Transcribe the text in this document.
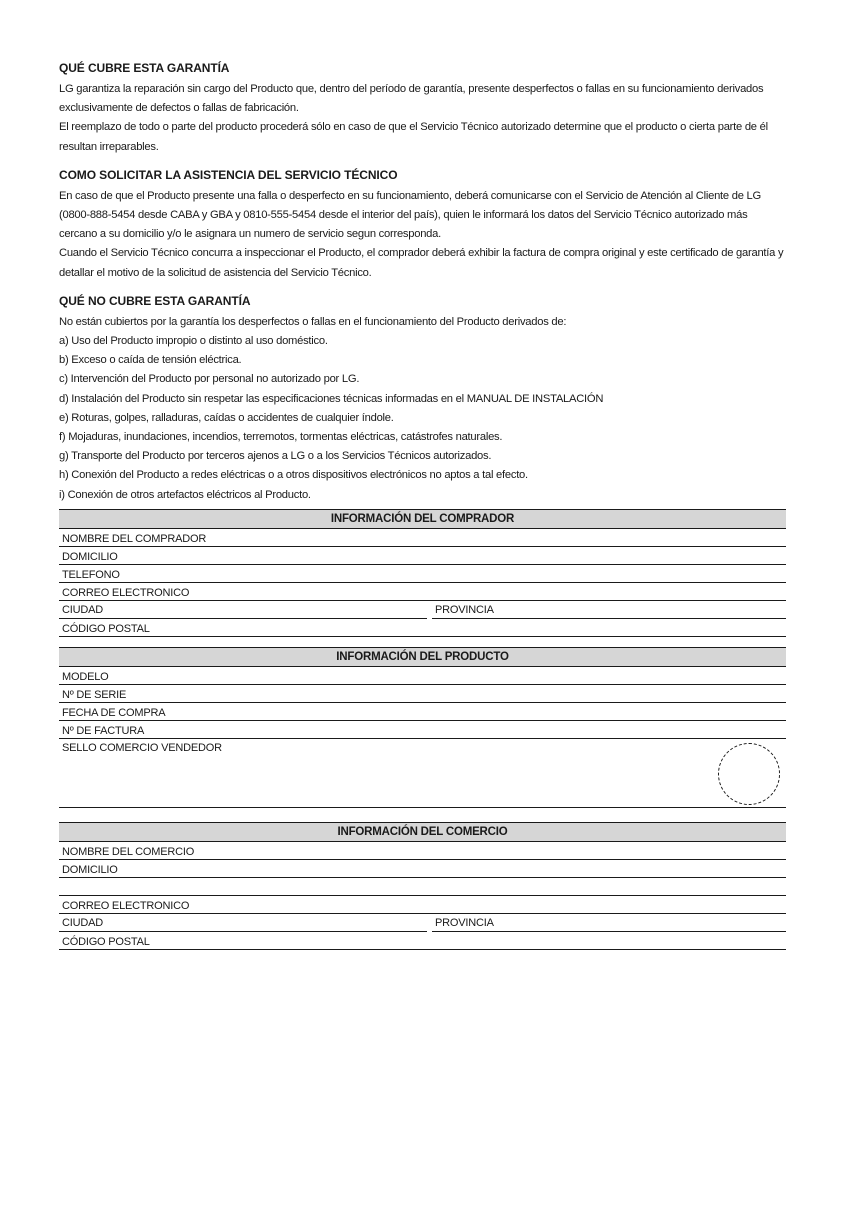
QUÉ CUBRE ESTA GARANTÍA

LG garantiza la reparación sin cargo del Producto que, dentro del período de garantía, presente desperfectos o fallas en su funcionamiento derivados exclusivamente de defectos o fallas de fabricación.

El reemplazo de todo o parte del producto procederá sólo en caso de que el Servicio Técnico autorizado determine que el producto o cierta parte de él resultan irreparables.

COMO SOLICITAR LA ASISTENCIA DEL SERVICIO TÉCNICO

En caso de que el Producto presente una falla o desperfecto en su funcionamiento, deberá comunicarse con el Servicio de Atención al Cliente de LG (0800-888-5454 desde CABA y GBA y 0810-555-5454 desde el interior del país), quien le informará los datos del Servicio Técnico autorizado más cercano a su domicilio y/o le asignara un numero de servicio segun corresponda.

Cuando el Servicio Técnico concurra a inspeccionar el Producto, el comprador deberá exhibir la factura de compra original y este certificado de garantía y detallar el motivo de la solicitud de asistencia del Servicio Técnico.

QUÉ NO CUBRE ESTA GARANTÍA

No están cubiertos por la garantía los desperfectos o fallas en el funcionamiento del Producto derivados de:

a) Uso del Producto impropio o distinto al uso doméstico.

b) Exceso o caída de tensión eléctrica.

c) Intervención del Producto por personal no autorizado por LG.

d) Instalación del Producto sin respetar las especificaciones técnicas informadas en el MANUAL DE INSTALACIÓN

e) Roturas, golpes, ralladuras, caídas o accidentes de cualquier índole.

f) Mojaduras, inundaciones, incendios, terremotos, tormentas eléctricas, catástrofes naturales.

g) Transporte del Producto por terceros ajenos a LG o a los Servicios Técnicos autorizados.

h) Conexión del Producto a redes eléctricas o a otros dispositivos electrónicos no aptos a tal efecto.

i) Conexión de otros artefactos eléctricos al Producto.

INFORMACIÓN DEL COMPRADOR
NOMBRE DEL COMPRADOR
DOMICILIO
TELEFONO
CORREO ELECTRONICO
CIUDAD	PROVINCIA
CÓDIGO POSTAL
INFORMACIÓN DEL PRODUCTO
MODELO
Nº DE SERIE
FECHA DE COMPRA
Nº DE FACTURA
SELLO COMERCIO VENDEDOR
INFORMACIÓN DEL COMERCIO
NOMBRE DEL COMERCIO
DOMICILIO
CORREO ELECTRONICO
CIUDAD	PROVINCIA
CÓDIGO POSTAL
